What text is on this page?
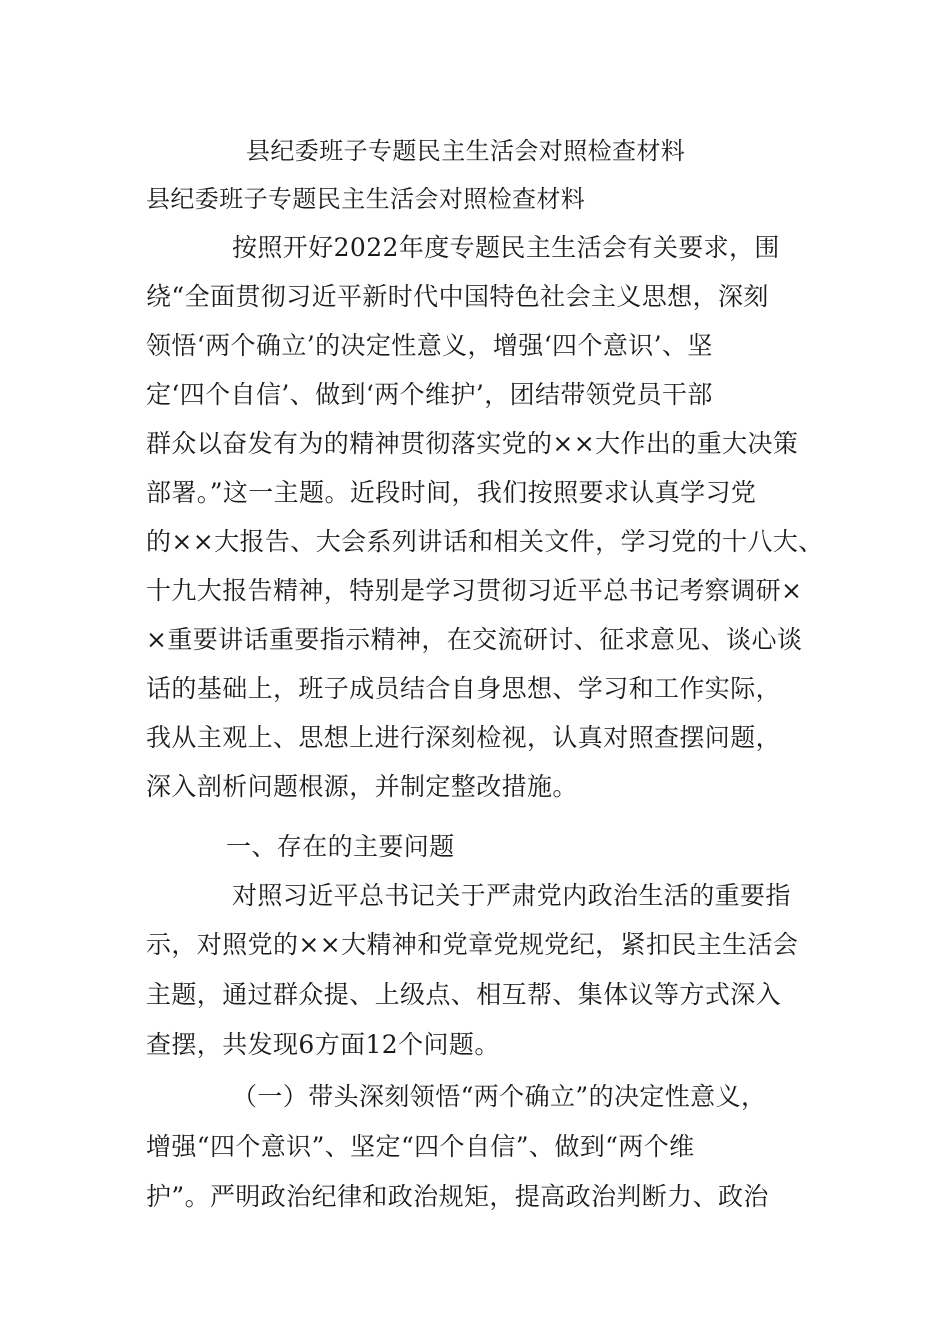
县纪委班子专题民主生活会对照检查材料
县纪委班子专题民主生活会对照检查材料
按照开好2022年度专题民主生活会有关要求，围
绕“全面贯彻习近平新时代中国特色社会主义思想，深刻
领悟‘两个确立’的决定性意义，增强‘四个意识’、坚
定‘四个自信’、做到‘两个维护’，团结带领党员干部
群众以奋发有为的精神贯彻落实党的××大作出的重大决策
部署。”这一主题。近段时间，我们按照要求认真学习党
的××大报告、大会系列讲话和相关文件，学习党的十八大、
十九大报告精神，特别是学习贯彻习近平总书记考察调研×
×重要讲话重要指示精神，在交流研讨、征求意见、谈心谈
话的基础上，班子成员结合自身思想、学习和工作实际，
我从主观上、思想上进行深刻检视，认真对照查摆问题，
深入剖析问题根源，并制定整改措施。
一、存在的主要问题
对照习近平总书记关于严肃党内政治生活的重要指
示，对照党的××大精神和党章党规党纪，紧扣民主生活会
主题，通过群众提、上级点、相互帮、集体议等方式深入
查摆，共发现6方面12个问题。
（一）带头深刻领悟“两个确立”的决定性意义，
增强“四个意识”、坚定“四个自信”、做到“两个维
护”。严明政治纪律和政治规矩，提高政治判断力、政治
